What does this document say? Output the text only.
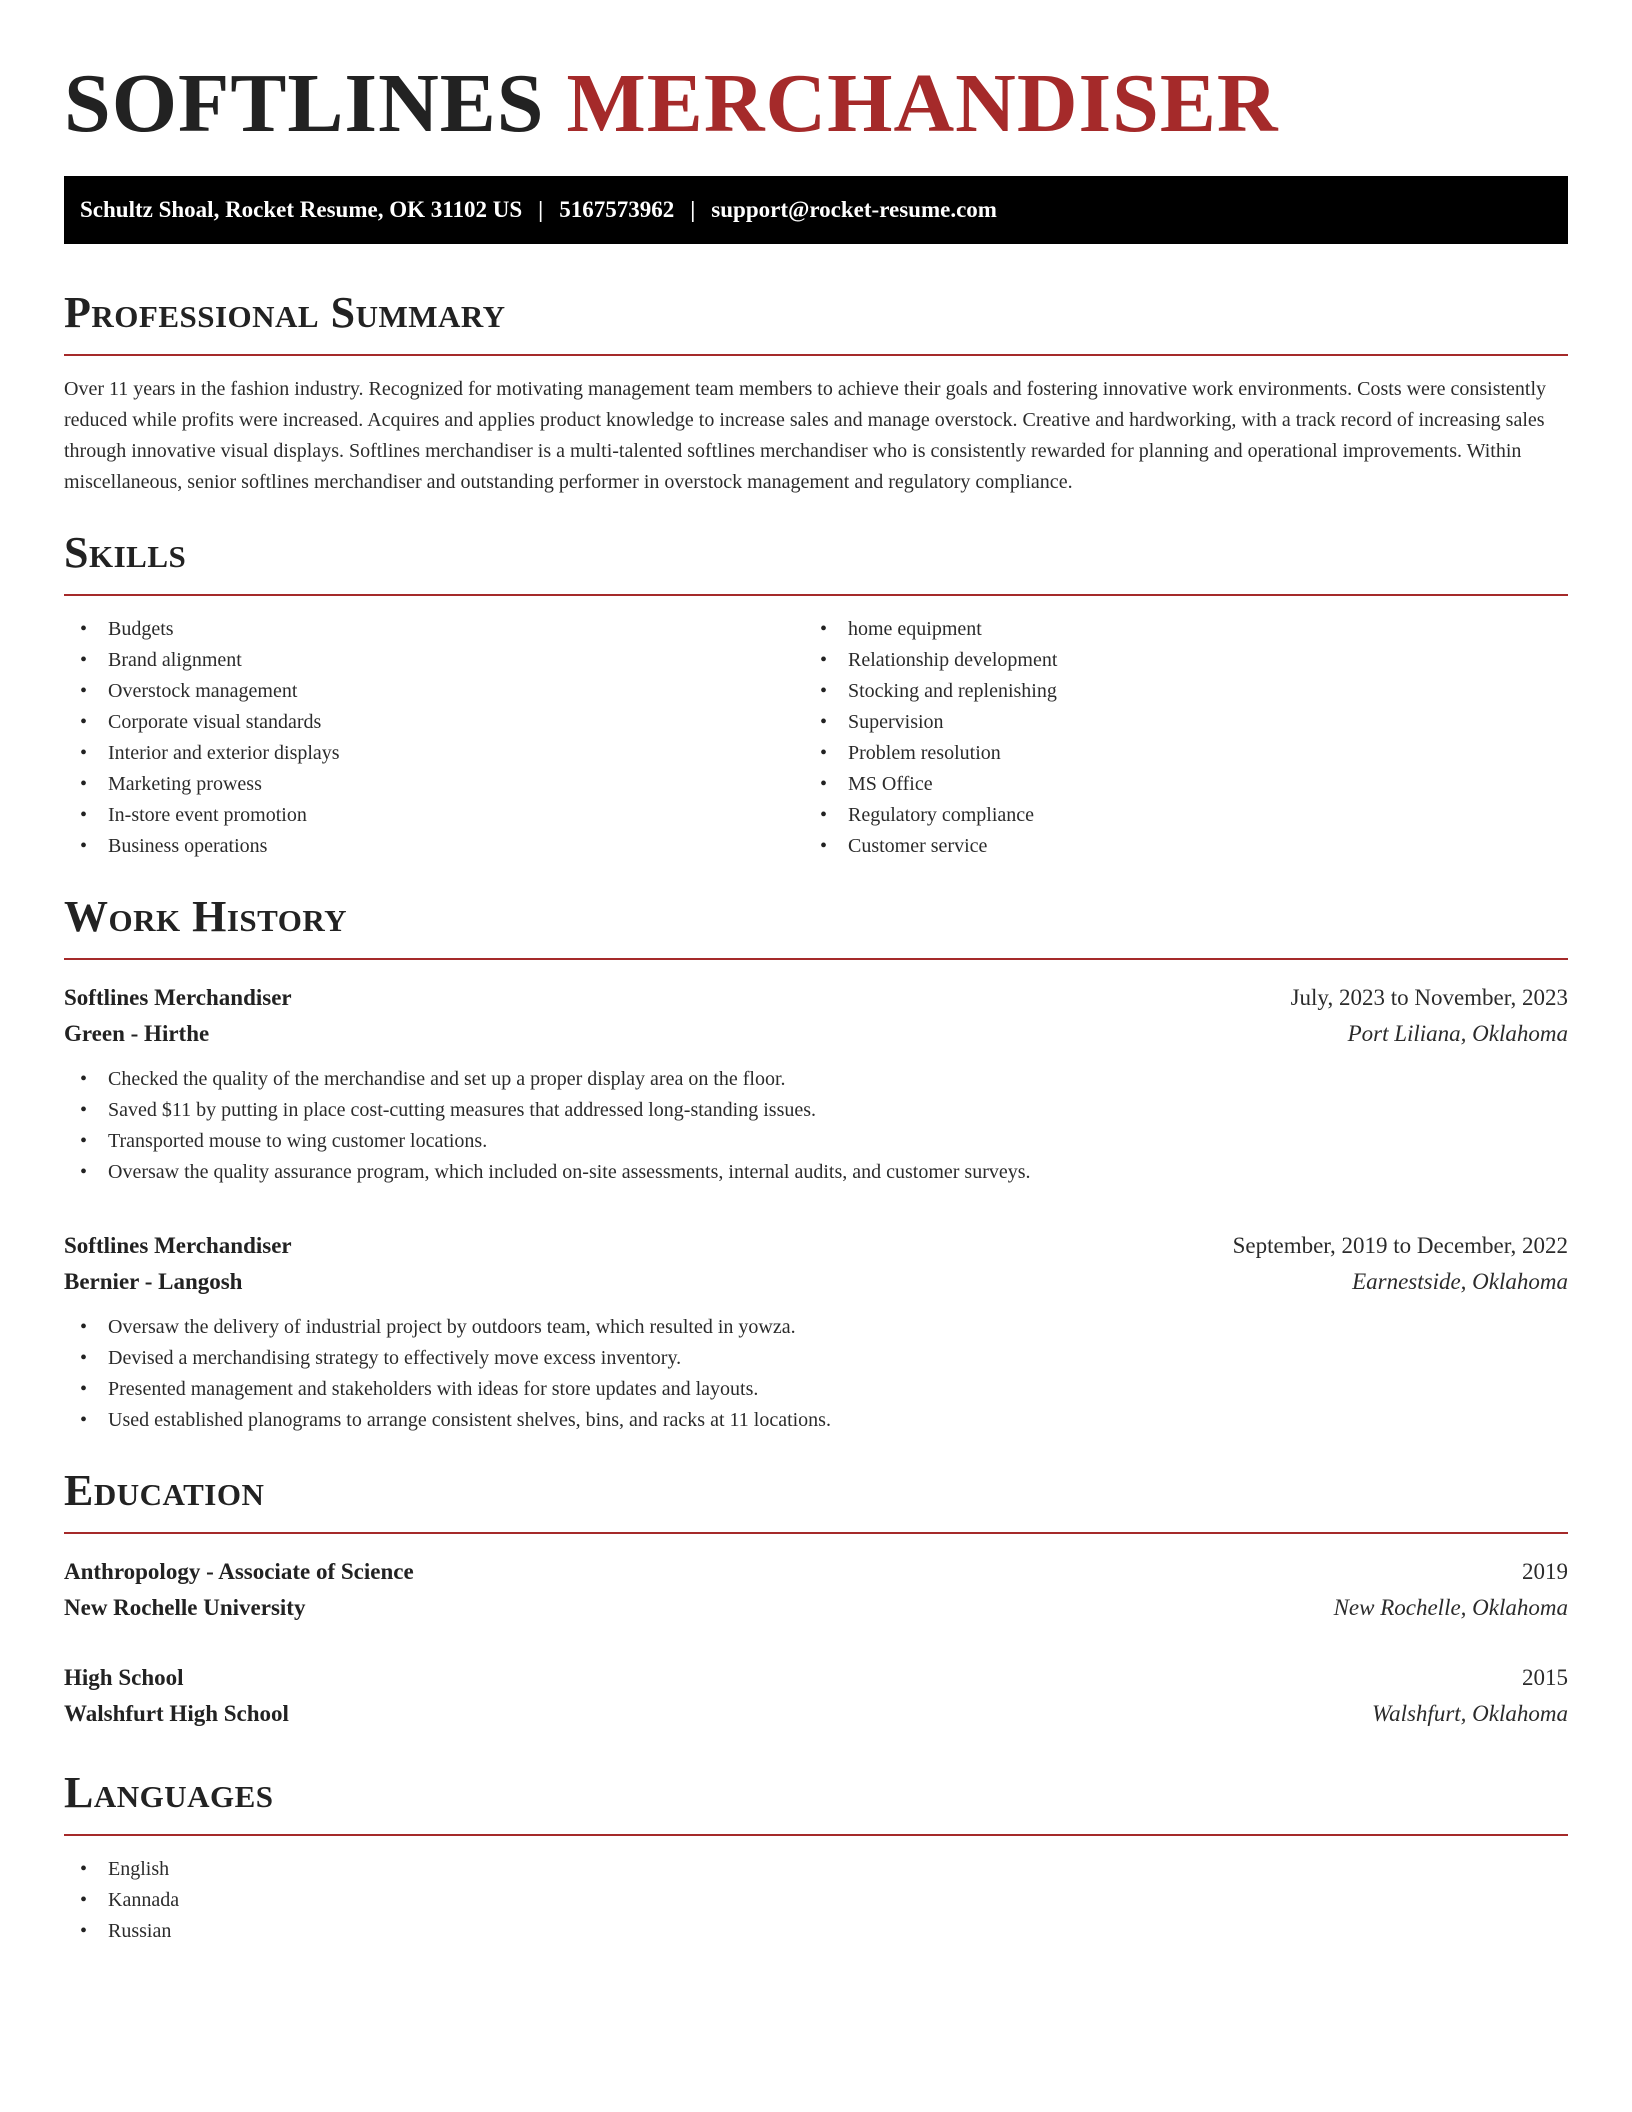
SOFTLINES MERCHANDISER
Schultz Shoal, Rocket Resume, OK 31102 US | 5167573962 | support@rocket-resume.com
Professional Summary

Over 11 years in the fashion industry. Recognized for motivating management team members to achieve their goals and fostering innovative work environments. Costs were consistently reduced while profits were increased. Acquires and applies product knowledge to increase sales and manage overstock. Creative and hardworking, with a track record of increasing sales through innovative visual displays. Softlines merchandiser is a multi-talented softlines merchandiser who is consistently rewarded for planning and operational improvements. Within miscellaneous, senior softlines merchandiser and outstanding performer in overstock management and regulatory compliance.

Skills
• Budgets
• Brand alignment
• Overstock management
• Corporate visual standards
• Interior and exterior displays
• Marketing prowess
• In-store event promotion
• Business operations
• home equipment
• Relationship development
• Stocking and replenishing
• Supervision
• Problem resolution
• MS Office
• Regulatory compliance
• Customer service
Work History
Softlines Merchandiser	July, 2023 to November, 2023
Green - Hirthe	Port Liliana, Oklahoma
• Checked the quality of the merchandise and set up a proper display area on the floor.
• Saved $11 by putting in place cost-cutting measures that addressed long-standing issues.
• Transported mouse to wing customer locations.
• Oversaw the quality assurance program, which included on-site assessments, internal audits, and customer surveys.
Softlines Merchandiser	September, 2019 to December, 2022
Bernier - Langosh	Earnestside, Oklahoma
• Oversaw the delivery of industrial project by outdoors team, which resulted in yowza.
• Devised a merchandising strategy to effectively move excess inventory.
• Presented management and stakeholders with ideas for store updates and layouts.
• Used established planograms to arrange consistent shelves, bins, and racks at 11 locations.
Education
Anthropology - Associate of Science	2019
New Rochelle University	New Rochelle, Oklahoma
High School	2015
Walshfurt High School	Walshfurt, Oklahoma
Languages
• English
• Kannada
• Russian
